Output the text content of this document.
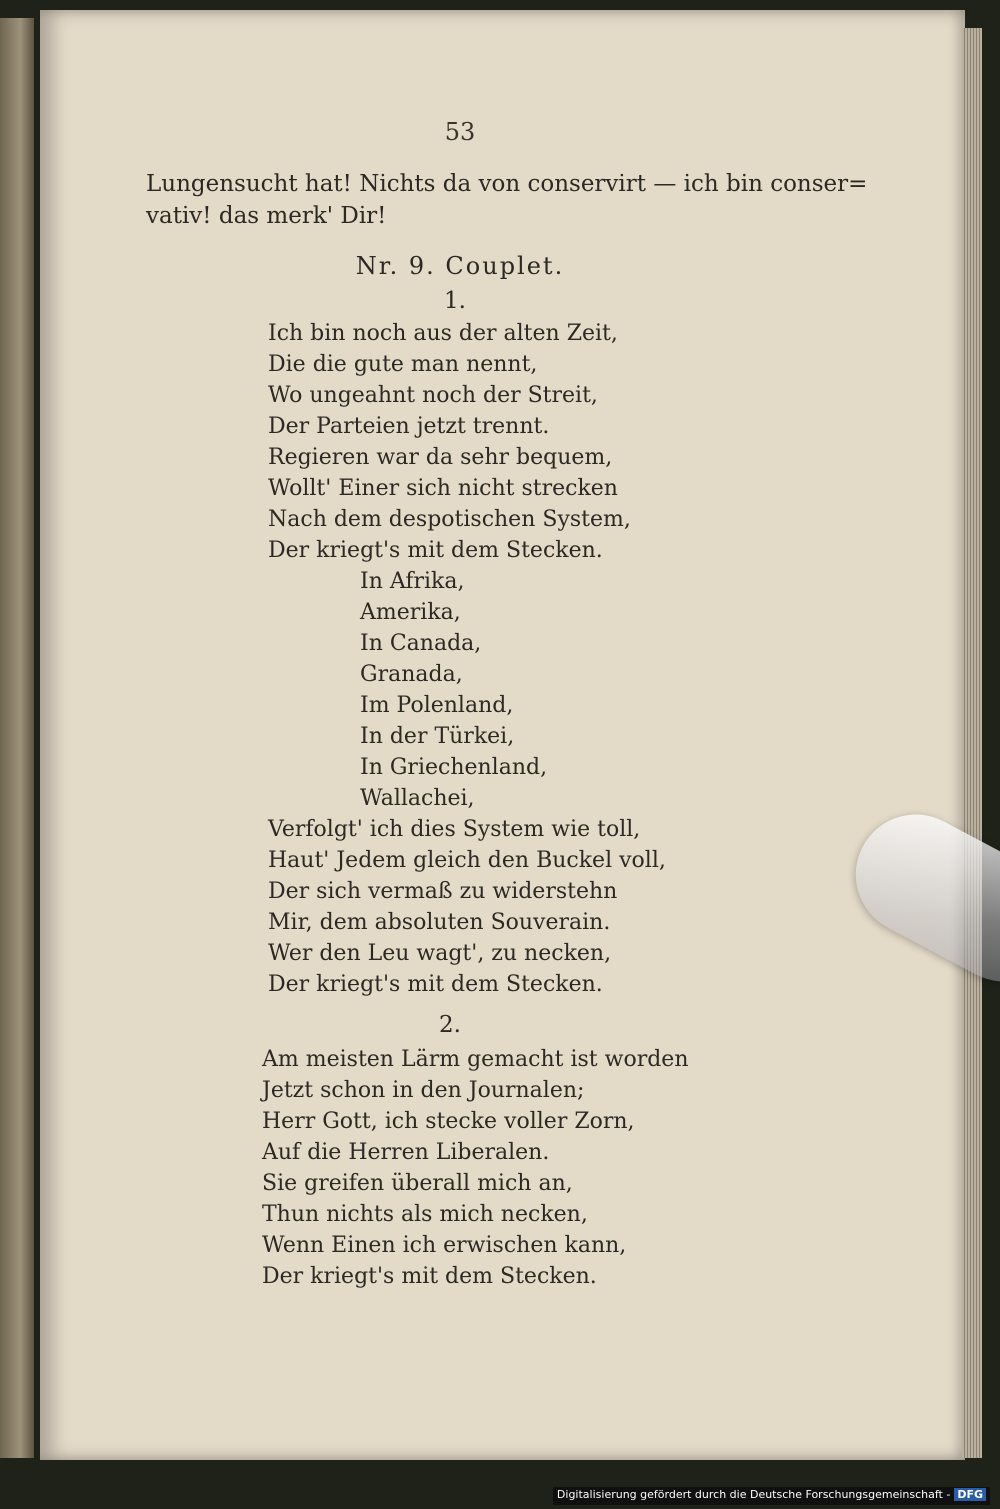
53
Lungensucht hat! Nichts da von conservirt — ich bin conser=
vativ! das merk' Dir!
Nr. 9. Couplet.
1.
Ich bin noch aus der alten Zeit,
Die die gute man nennt,
Wo ungeahnt noch der Streit,
Der Parteien jetzt trennt.
Regieren war da sehr bequem,
Wollt' Einer sich nicht strecken
Nach dem despotischen System,
Der kriegt's mit dem Stecken.
In Afrika,
Amerika,
In Canada,
Granada,
Im Polenland,
In der Türkei,
In Griechenland,
Wallachei,
Verfolgt' ich dies System wie toll,
Haut' Jedem gleich den Buckel voll,
Der sich vermaß zu widerstehn
Mir, dem absoluten Souverain.
Wer den Leu wagt', zu necken,
Der kriegt's mit dem Stecken.
2.
Am meisten Lärm gemacht ist worden
Jetzt schon in den Journalen;
Herr Gott, ich stecke voller Zorn,
Auf die Herren Liberalen.
Sie greifen überall mich an,
Thun nichts als mich necken,
Wenn Einen ich erwischen kann,
Der kriegt's mit dem Stecken.
Digitalisierung gefördert durch die Deutsche Forschungsgemeinschaft - DFG
